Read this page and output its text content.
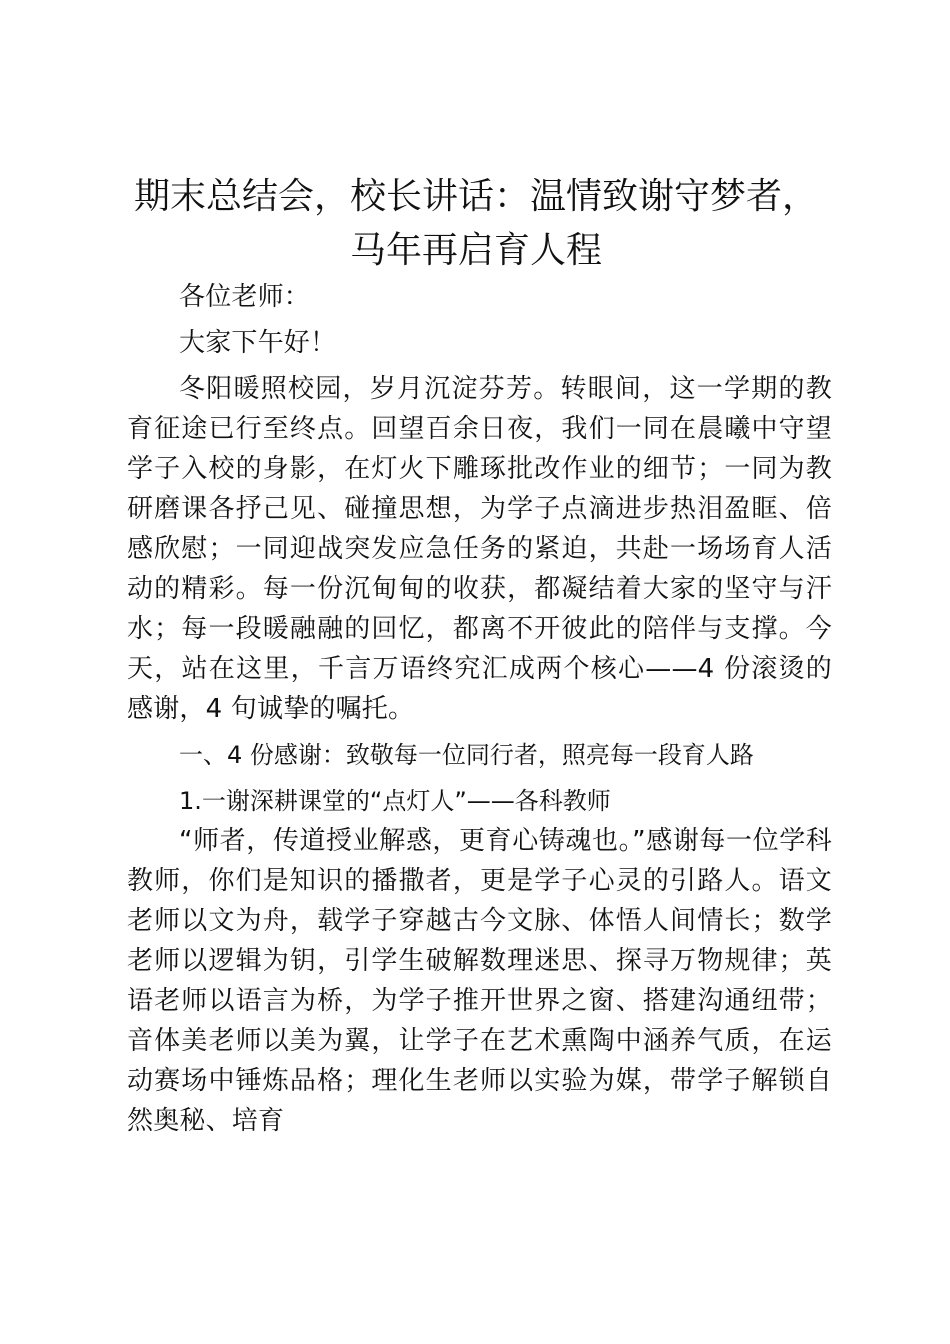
期末总结会，校长讲话：温情致谢守梦者，马年再启育人程

各位老师：

大家下午好！

冬阳暖照校园，岁月沉淀芬芳。转眼间，这一学期的教育征途已行至终点。回望百余日夜，我们一同在晨曦中守望学子入校的身影，在灯火下雕琢批改作业的细节；一同为教研磨课各抒己见、碰撞思想，为学子点滴进步热泪盈眶、倍感欣慰；一同迎战突发应急任务的紧迫，共赴一场场育人活动的精彩。每一份沉甸甸的收获，都凝结着大家的坚守与汗水；每一段暖融融的回忆，都离不开彼此的陪伴与支撑。今天，站在这里，千言万语终究汇成两个核心——4 份滚烫的感谢，4 句诚挚的嘱托。

一、4 份感谢：致敬每一位同行者，照亮每一段育人路

1.一谢深耕课堂的“点灯人”——各科教师

“师者，传道授业解惑，更育心铸魂也。”感谢每一位学科教师，你们是知识的播撒者，更是学子心灵的引路人。语文老师以文为舟，载学子穿越古今文脉、体悟人间情长；数学老师以逻辑为钥，引学生破解数理迷思、探寻万物规律；英语老师以语言为桥，为学子推开世界之窗、搭建沟通纽带；音体美老师以美为翼，让学子在艺术熏陶中涵养气质，在运动赛场中锤炼品格；理化生老师以实验为媒，带学子解锁自然奥秘、培育
